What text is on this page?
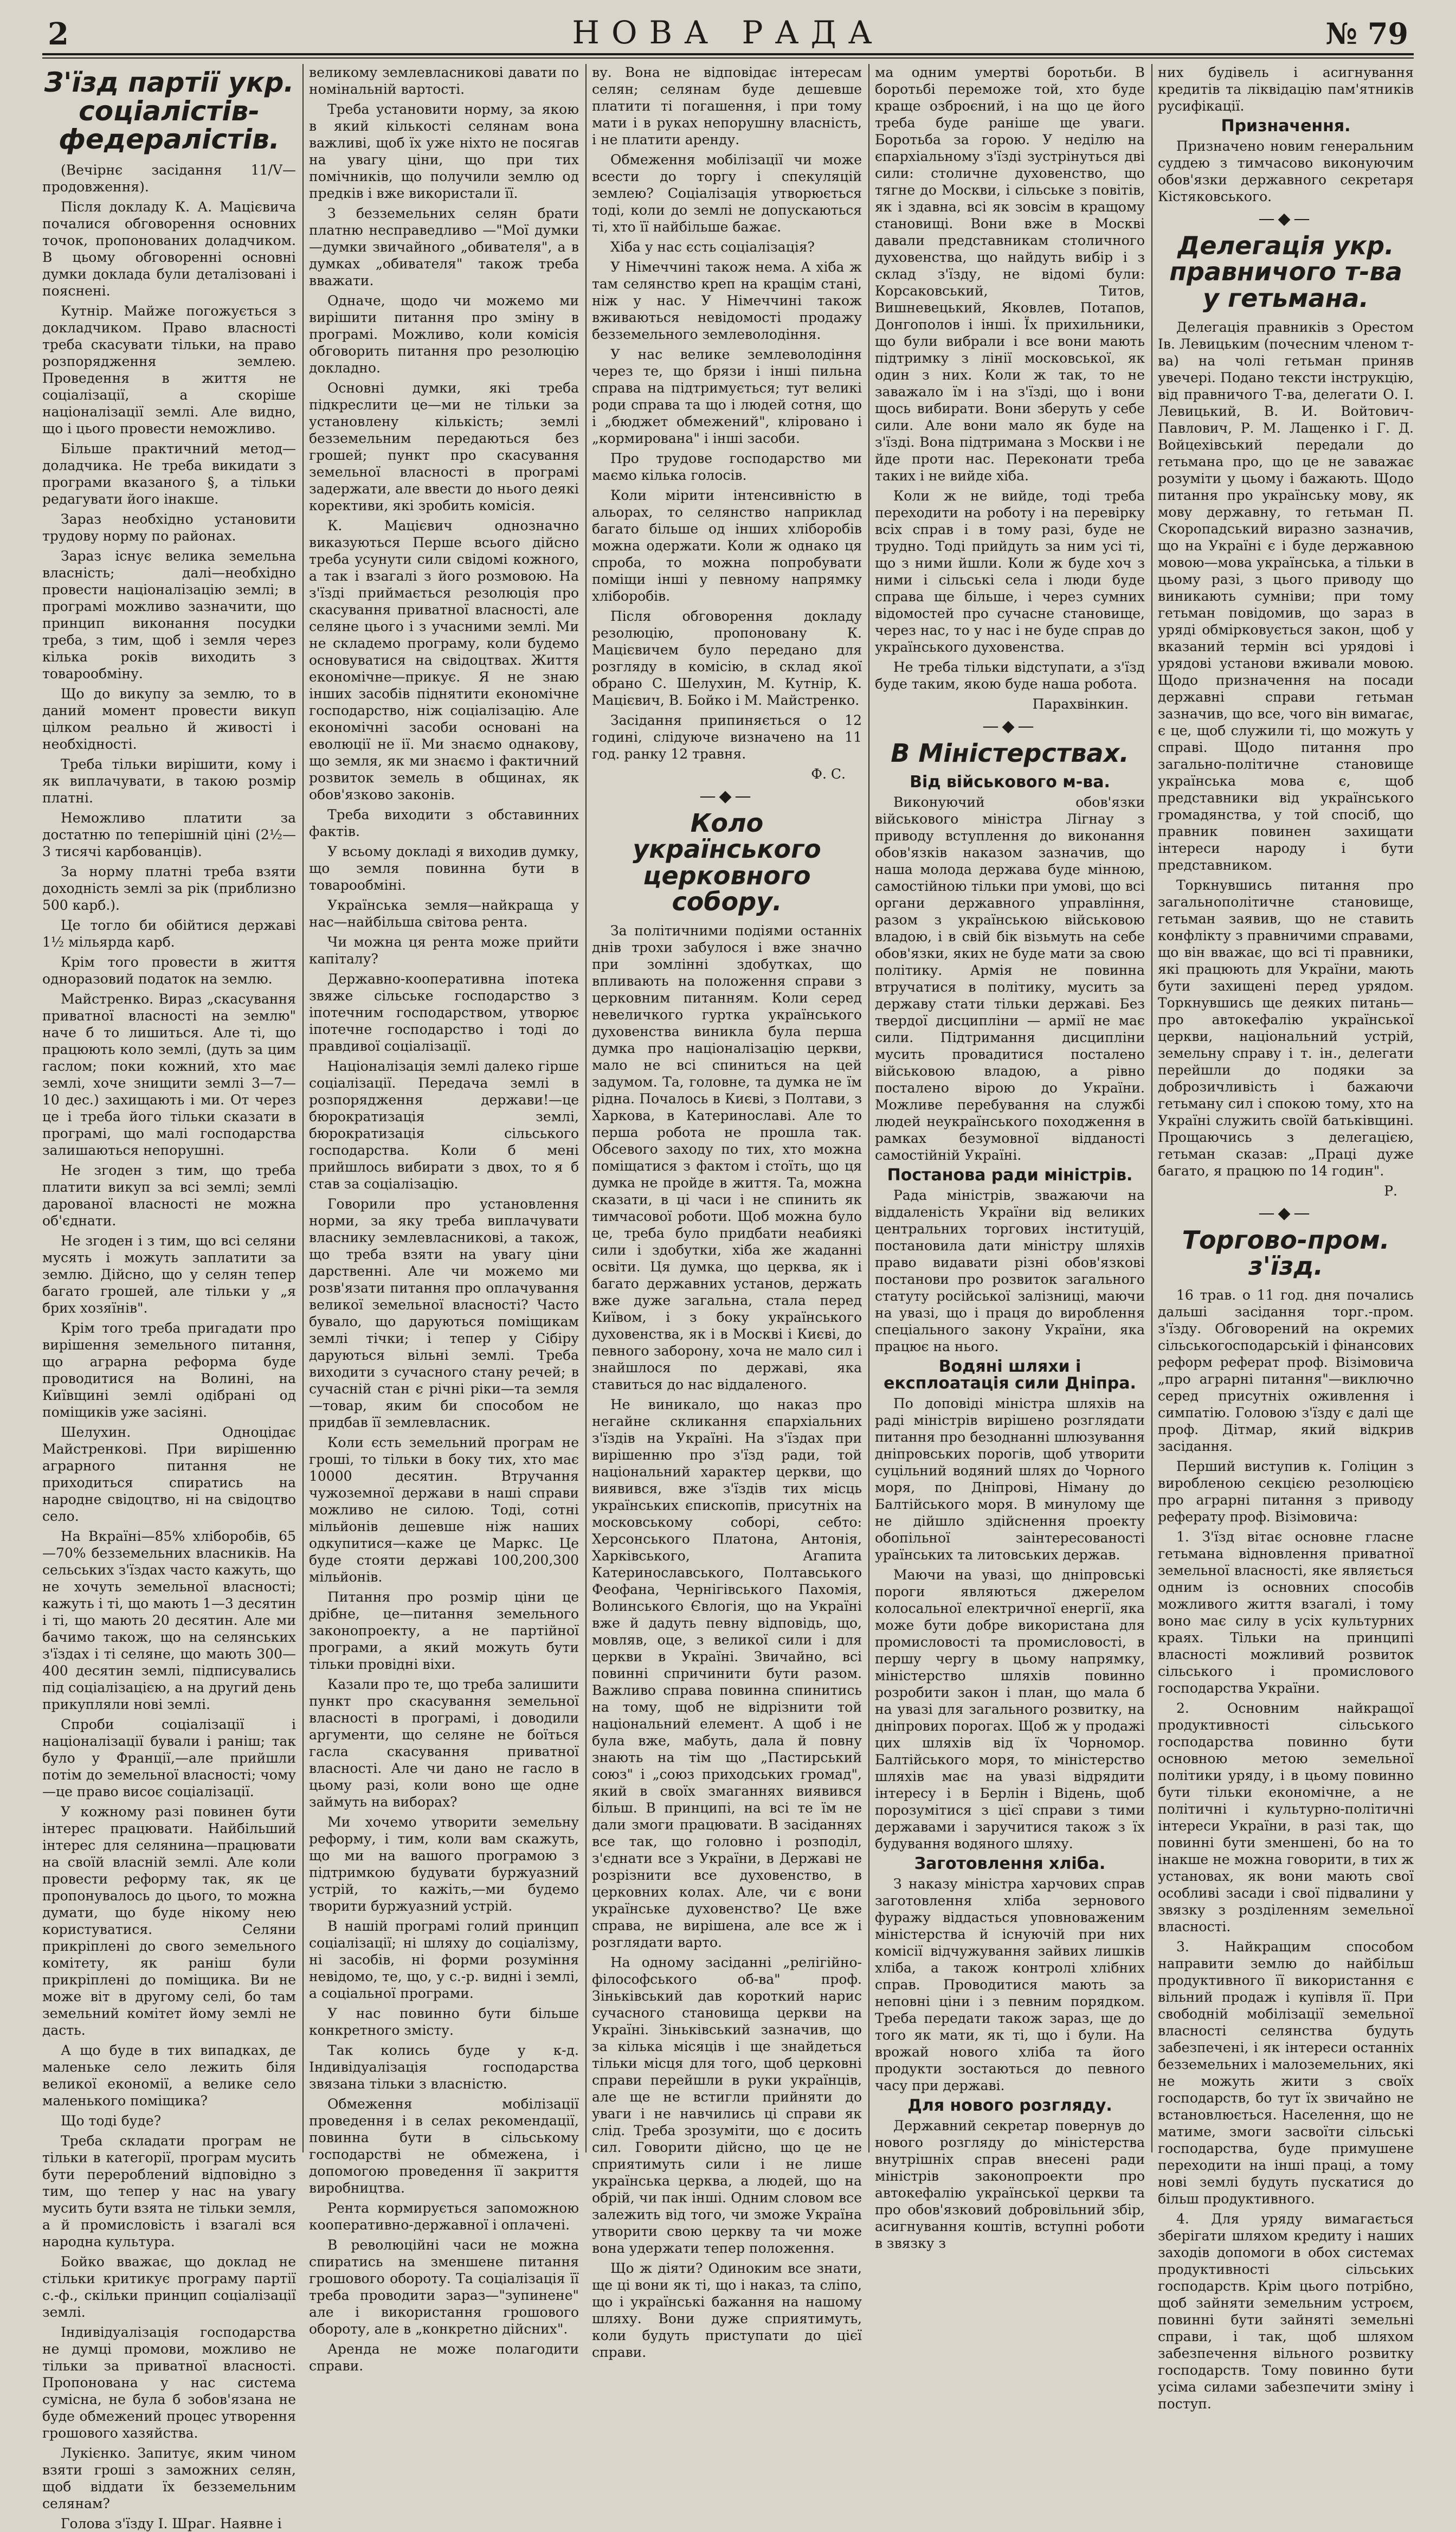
2	НОВА РАДА	№ 79

З'їзд партії укр. соціалістів-федералістів.

(Вечірнє засідання 11/V—продовження).

Після докладу К. А. Мацієвича почалися обговорення основних точок, пропонованих доладчиком. В цьому обговоренні основні думки доклада були деталізовані і пояснені.

Кутнір. Майже погожується з докладчиком. Право власності треба скасувати тільки, на право розпорядження землею. Проведення в життя не соціалізації, а скоріше націоналізації землі. Але видно, що і цього провести неможливо.

Більше практичний метод—доладчика. Не треба викидати з програми вказаного §, а тільки редагувати його інакше.

Зараз необхідно установити трудову норму по районах.

Зараз існує велика земельна власність; далі—необхідно провести націоналізацію землі; в програмі можливо зазначити, що принцип виконання посудки треба, з тим, щоб і земля через кілька років виходить з товарообміну.

Що до викупу за землю, то в даний момент провести викуп цілком реально й живості і необхідності.

Треба тільки вирішити, кому і як виплачувати, в такою розмір платні.

Неможливо платити за достатню по теперішній ціні (2½—3 тисячі карбованців).

За норму платні треба взяти доходність землі за рік (приблизно 500 карб.).

Це тогло би обійтися державі 1½ мільярда карб.

Крім того провести в життя одноразовий податок на землю.

Майстренко. Вираз „скасування приватної власності на землю" наче б то лишиться. Але ті, що працюють коло землі, (дуть за цим гаслом; поки кожний, хто має землі, хоче знищити землі 3—7—10 дес.) захищають і ми. От через це і треба його тільки сказати в програмі, що малі господарства залишаються непорушні.

Не згоден з тим, що треба платити викуп за всі землі; землі дарованої власності не можна об'єднати.

Не згоден і з тим, що всі селяни мусять і можуть заплатити за землю. Дійсно, що у селян тепер багато грошей, але тільки у „я брих хозяїнів".

Крім того треба пригадати про вирішення земельного питання, що аграрна реформа буде проводитися на Волині, на Київщині землі одібрані од поміщиків уже засіяні.

Шелухин. Одноцідає Майстренкові. При вирішенню аграрного питання не приходиться спиратись на народне свідоцтво, ні на свідоцтво село.

На Вкраїні—85% хліборобів, 65—70% безземельних власників. На сельських з'їздах часто кажуть, що не хочуть земельної власності; кажуть і ті, що мають 1—3 десятин і ті, що мають 20 десятин. Але ми бачимо також, що на селянських з'їздах і ті селяне, що мають 300—400 десятин землі, підписувались під соціалізацією, а на другий день прикупляли нові землі.

Спроби соціалізації і націоналізації бували і раніш; так було у Франції,—але прийшли потім до земельної власності; чому—це право висоє соціалізації.

У кожному разі повинен бути інтерес працювати. Найбільший інтерес для селянина—працювати на своїй власній землі. Але коли провести реформу так, як це пропонувалось до цього, то можна думати, що буде нікому нею користуватися. Селяни прикріплені до свого земельного комітету, як раніш були прикріплені до поміщика. Ви не може віт в другому селі, бо там земельний комітет йому землі не дасть.

А що буде в тих випадках, де маленьке село лежить біля великої економії, а велике село маленького поміщика?

Що тоді буде?

Треба складати програм не тільки в категорії, програм мусить бути перероблений відповідно з тим, що тепер у нас на увагу мусить бути взята не тільки земля, а й промисловість і взагалі вся народна культура.

Бойко вважає, що доклад не стільки критикує програму партії с.-ф., скільки принцип соціалізації землі.

Індивідуалізація господарства не думці промови, можливо не тільки за приватної власності. Пропонована у нас система сумісна, не була б зобов'язана не буде обмежений процес утворення грошового хазяйства.

Лукієнко. Запитує, яким чином взяти гроші з заможних селян, щоб віддати їх безземельним селянам?

Голова з'їзду І. Шраг. Наявне і

великому землевласникові давати по номінальній вартості.

Треба установити норму, за якою в який кількості селянам вона важливі, щоб їх уже ніхто не посягав на увагу ціни, що при тих помічників, що получили землю од предків і вже використали її.

З безземельних селян брати платню несправедливо —"Мої думки—думки звичайного „обивателя", а в думках „обивателя" також треба вважати.

Одначе, щодо чи можемо ми вирішити питання про зміну в програмі. Можливо, коли комісія обговорить питання про резолюцію докладно.

Основні думки, які треба підкреслити це—ми не тільки за установлену кількість; землі безземельним передаються без грошей; пункт про скасування земельної власності в програмі задержати, але ввести до нього деякі корективи, які зробить комісія.

К. Мацієвич однозначно виказуються Перше всього дійсно треба усунути сили свідомі кожного, а так і взагалі з його розмовою. На з'їзді приймається резолюція про скасування приватної власності, але селяне цього і з учасними землі. Ми не складемо програму, коли будемо основуватися на свідоцтвах. Життя економічне—прикує. Я не знаю інших засобів піднятити економічне господарство, ніж соціалізацію. Але економічні засоби основані на еволюції не ії. Ми знаємо однакову, що земля, як ми знаємо і фактичний розвиток земель в общинах, як обов'язково законів.

Треба виходити з обставинних фактів.

У всьому докладі я виходив думку, що земля повинна бути в товарообміні.

Українська земля—найкраща у нас—найбільша світова рента.

Чи можна ця рента може прийти капіталу?

Державно-кооперативна іпотека звяже сільське господарство з іпотечним господарством, утворює іпотечне господарство і тоді до правдивої соціалізації.

Націоналізація землі далеко гірше соціалізації. Передача землі в розпорядження держави!—це бюрократизація землі, бюрократизація сільського господарства. Коли б мені прийшлось вибирати з двох, то я б став за соціалізацію.

Говорили про установлення норми, за яку треба виплачувати власнику землевласникові, а також, що треба взяти на увагу ціни дарственні. Але чи можемо ми розв'язати питання про оплачування великої земельної власності? Часто бувало, що даруються поміщикам землі тічки; і тепер у Сібіру даруються вільні землі. Треба виходити з сучасного стану речей; в сучасній стан є річні ріки—та земля—товар, яким би способом не придбав її землевласник.

Коли єсть земельний програм не гроші, то тільки в боку тих, хто має 10000 десятин. Втручання чужоземної держави в наші справи можливо не силою. Тоді, сотні мільйонів дешевше ніж наших одкупитися—каже це Маркс. Це буде стояти державі 100,200,300 мільйонів.

Питання про розмір ціни це дрібне, це—питання земельного законопроекту, а не партійної програми, а який можуть бути тільки провідні віхи.

Казали про те, що треба залишити пункт про скасування земельної власності в програмі, і доводили аргументи, що селяне не боїться гасла скасування приватної власності. Але чи дано не гасло в цьому разі, коли воно ще одне займуть на виборах?

Ми хочемо утворити земельну реформу, і тим, коли вам скажуть, що ми на вашого програмою з підтримкою будувати буржуазний устрій, то кажіть,—ми будемо творити буржуазний устрій.

В нашій програмі голий принцип соціалізації; ні шляху до соціалізму, ні засобів, ні форми розуміння невідомо, те, що, у с.-р. видні і землі, а соціальної програми.

У нас повинно бути більше конкретного змісту.

Так колись буде у к-д. Індивідуалізація господарства звязана тільки з власністю.

Обмеження мобілізації проведення і в селах рекомендації, повинна бути в сільському господарстві не обмежена, і допомогою проведення її закриття виробництва.

Рента кормирується запоможною кооперативно-державної і оплачені.

В революційні часи не можна спиратись на зменшене питання грошового обороту. Та соціалізація її треба проводити зараз—"зупинене" але і використання грошового обороту, але в „конкретно дійсних".

Аренда не може полагодити справи.

ву. Вона не відповідає інтересам селян; селянам буде дешевше платити ті погашення, і при тому мати і в руках непорушну власність, і не платити аренду.

Обмеження мобілізації чи може всести до торгу і спекуляцій землею? Соціалізація утворюється тоді, коли до землі не допускаються ті, хто її найбільше бажає.

Хіба у нас єсть соціалізація?

У Німеччині також нема. А хіба ж там селянство креп на кращім стані, ніж у нас. У Німеччині також вживаються невідомості продажу безземельного землеволодіння.

У нас велике землеволодіння через те, що брязи і інші пильна справа на підтримується; тут великі роди справа та що і людей сотня, що і „бюджет обмежений", кліровано і „кормирована" і інші засоби.

Про трудове господарство ми маємо кілька голосів.

Коли мірити інтенсивністю в альорах, то селянство наприклад багато більше од інших хліборобів можна одержати. Коли ж однако ця спроба, то можна попробувати поміщи інші у певному напрямку хліборобів.

Після обговорення докладу резолюцію, пропоновану К. Мацієвичем було передано для розгляду в комісію, в склад якої обрано С. Шелухин, М. Кутнір, К. Мацієвич, В. Бойко і М. Майстренко.

Засідання припиняється о 12 годині, слідуюче визначено на 11 год. ранку 12 травня.

Ф. С.

—◆—

Коло українського церковного собору.

За політичними подіями останніх днів трохи забулося і вже значно при зомлінні здобутках, що впливають на положення справи з церковним питанням. Коли серед невеличкого гуртка українського духовенства виникла була перша думка про націоналізацію церкви, мало не всі спиниться на цей задумом. Та, головне, та думка не їм рідна. Почалось в Києві, з Полтави, з Харкова, в Катеринославі. Але то перша робота не прошла так. Обсевого заходу по тих, хто можна поміщатися з фактом і стоїть, що ця думка не пройде в життя. Та, можна сказати, в ці часи і не спинить як тимчасової роботи. Щоб можна було це, треба було придбати неабиякі сили і здобутки, хіба же жаданні освіти. Ця думка, що церква, як і багато державних установ, держать вже дуже загальна, стала перед Київом, і з боку українського духовенства, як і в Москві і Києві, до певного заборону, хоча не мало сил і знайшлося по державі, яка ставиться до нас віддаленого.

Не виникало, що наказ про негайне скликання єпархіальних з'їздів на Україні. На з'їздах при вирішенню про з'їзд ради, той національний характер церкви, що виявився, вже з'їздів тих місць українських єпископів, присутніх на московському соборі, себто: Херсонського Платона, Антонія, Харківського, Агапита Катеринославського, Полтавського Феофана, Чернігівського Пахомія, Волинського Євлогія, що на Україні вже й дадуть певну відповідь, що, мовляв, оце, з великої сили і для церкви в Україні. Звичайно, всі повинні спричинити бути разом. Важливо справа повинна спинитись на тому, щоб не відрізнити той національний елемент. А щоб і не була вже, мабуть, дала й повну знають на тім що „Пастирський союз" і „союз приходських громад", який в своїх змаганнях виявився більш. В принципі, на всі те їм не дали змоги працювати. В засіданнях все так, що головно і розподіл, з'єднати все з України, в Державі не розрізнити все духовенство, в церковних колах. Але, чи є вони українське духовенство? Це вже справа, не вирішена, але все ж і розглядати варто.

На одному засіданні „релігійно-філософського об-ва" проф. Зіньківський дав короткий нарис сучасного становища церкви на Україні. Зіньківський зазначив, що за кілька місяців і ще знайдеться тільки місця для того, щоб церковні справи перейшли в руки українців, але ще не встигли прийняти до уваги і не навчились ці справи як слід. Треба зрозуміти, що є досить сил. Говорити дійсно, що це не сприятимуть сили і не лише українська церква, а людей, що на обрій, чи пак інші. Одним словом все залежить від того, чи зможе Україна утворити свою церкву та чи може вона удержати тепер положення.

Що ж діяти? Одиноким все знати, ще ці вони як ті, що і наказ, та сліпо, що і українські бажання на нашому шляху. Вони дуже сприятимуть, коли будуть приступати до цієї справи.

ма одним умертві боротьби. В боротьбі переможе той, хто буде краще озброєний, і на що це його треба буде раніше ще уваги. Боротьба за горою. У неділю на єпархіальному з'їзді зустрінуться дві сили: столичне духовенство, що тягне до Москви, і сільське з повітів, як і здавна, всі як зовсім в кращому становищі. Вони вже в Москві давали представникам столичного духовенства, що найдуть вибір і з склад з'їзду, не відомі були: Корсаковський, Титов, Вишневецький, Яковлев, Потапов, Донгополов і інші. Їх прихильники, що були вибрали і все вони мають підтримку з лінії московської, як один з них. Коли ж так, то не заважало їм і на з'їзді, що і вони щось вибирати. Вони зберуть у себе сили. Але вони мало як буде на з'їзді. Вона підтримана з Москви і не йде проти нас. Переконати треба таких і не вийде хіба.

Коли ж не вийде, тоді треба переходити на роботу і на перевірку всіх справ і в тому разі, буде не трудно. Тоді прийдуть за ним усі ті, що з ними йшли. Коли ж буде хоч з ними і сільські села і люди буде справа ще більше, і через сумних відомостей про сучасне становище, через нас, то у нас і не буде справ до українського духовенства.

Не треба тільки відступати, а з'їзд буде таким, якою буде наша робота.

Парахвінкин.

—◆—

В Міністерствах.

Від військового м-ва.

Виконуючий обов'язки військового міністра Лігнау з приводу вступлення до виконання обов'язків наказом зазначив, що наша молода держава буде мінною, самостійною тільки при умові, що всі органи державного управління, разом з українською військовою владою, і в свій бік візьмуть на себе обов'язки, яких не буде мати за свою політику. Армія не повинна втручатися в політику, мусить за державу стати тільки державі. Без твердої дисципліни — армії не має сили. Підтримання дисципліни мусить провадитися посталено військовою владою, а рівно посталено вірою до України. Можливе перебування на службі людей неукраїнського походження в рамках безумовної відданості самостійній Україні.

Постанова ради міністрів.

Рада міністрів, зважаючи на віддаленість України від великих центральних торгових інституцій, постановила дати міністру шляхів право видавати різні обов'язкові постанови про розвиток загального статуту російської залізниці, маючи на увазі, що і праця до вироблення спеціального закону України, яка працює на нього.

Водяні шляхи і експлоатація сили Дніпра.

По доповіді міністра шляхів на раді міністрів вирішено розглядати питання про безоднанні шлюзування дніпровських порогів, щоб утворити суцільний водяний шлях до Чорного моря, по Дніпрові, Німану до Балтійського моря. В минулому ще не дійшло здійснення проекту обопільної заінтересованості ураїнських та литовських держав.

Маючи на увазі, що дніпровські пороги являються джерелом колосальної електричної енергії, яка може бути добре використана для промисловості та промисловості, в першу чергу в цьому напрямку, міністерство шляхів повинно розробити закон і план, що мала б на увазі для загального розвитку, на дніпрових порогах. Щоб ж у продажі цих шляхів від їх Чорномор. Балтійського моря, то міністерство шляхів має на увазі відрядити інтересу і в Берлін і Відень, щоб порозумітися з цієї справи з тими державами і заручитися також з їх будування водяного шляху.

Заготовлення хліба.

З наказу міністра харчових справ заготовлення хліба зернового фуражу віддасться уповноваженим міністерства й існуючій при них комісії відчужування зайвих лишків хліба, а також контролі хлібних справ. Проводитися мають за неповні ціни і з певним порядком. Треба передати також зараз, ще до того як мати, як ті, що і були. На врожай нового хліба та його продукти зостаються до певного часу при державі.

Для нового розгляду.

Державний секретар повернув до нового розгляду до міністерства внутрішніх справ внесені ради міністрів законопроекти про автокефалію української церкви та про обов'язковий добровільний збір, асигнування коштів, вступні роботи в звязку з

них будівель і асигнування кредитів та ліквідацію пам'ятників русифікації.

Призначення.

Призначено новим генеральним суддею з тимчасово виконуючим обов'язки державного секретаря Кістяковського.

—◆—

Делегація укр. правничого т-ва у гетьмана.

Делегація правників з Орестом Ів. Левицьким (почесним членом т-ва) на чолі гетьман приняв увечері. Подано тексти інструкцію, від правничого Т-ва, делегати О. І. Левицький, В. И. Войтович-Павлович, Р. М. Лащенко і Г. Д. Войцехівський передали до гетьмана про, що це не заважає розуміти у цьому і бажають. Щодо питання про українську мову, як мову державну, то гетьман П. Скоропадський виразно зазначив, що на Україні є і буде державною мовою—мова українська, а тільки в цьому разі, з цього приводу що виникають сумніви; при тому гетьман повідомив, що зараз в уряді обмірковується закон, щоб у вказаний термін всі урядові і урядові установи вживали мовою. Щодо призначення на посади державні справи гетьман зазначив, що все, чого він вимагає, є це, щоб служили ті, що можуть у справі. Щодо питання про загально-політичне становище українська мова є, щоб представники від українського громадянства, у той спосіб, що правник повинен захищати інтереси народу і бути представником.

Торкнувшись питання про загальнополітичне становище, гетьман заявив, що не ставить конфлікту з правничими справами, що він вважає, що всі ті правники, які працюють для України, мають бути захищені перед урядом. Торкнувшись ще деяких питань—про автокефалію української церкви, національний устрій, земельну справу і т. ін., делегати перейшли до подяки за доброзичливість і бажаючи гетьману сил і спокою тому, хто на Україні служить своїй батьківщині. Прощаючись з делегацією, гетьман сказав: „Праці дуже багато, я працюю по 14 годин".

Р.

—◆—

Торгово-пром. з'їзд.

16 трав. о 11 год. дня почались дальші засідання торг.-пром. з'їзду. Обговорений на окремих сільськогосподарській і фінансових реформ реферат проф. Візімовича „про аграрні питання"—виключно серед присутніх оживлення і симпатію. Головою з'їзду є далі ще проф. Дітмар, який відкрив засідання.

Перший виступив к. Голіцин з виробленою секцією резолюцією про аграрні питання з приводу реферату проф. Візімовича:

1. З'їзд вітає основне гласне гетьмана відновлення приватної земельної власності, яке являється одним із основних способів можливого життя взагалі, і тому воно має силу в усіх культурних краях. Тільки на принципі власності можливий розвиток сільського і промислового господарства України.

2. Основним найкращої продуктивності сільського господарства повинно бути основною метою земельної політики уряду, і в цьому повинно бути тільки економічне, а не політичні і культурно-політичні інтереси України, в разі так, що повинні бути зменшені, бо на то інакше не можна говорити, в тих ж установах, як вони мають свої особливі засади і свої підвалини у звязку з розділенням земельної власності.

3. Найкращим способом направити землю до найбільш продуктивного її використання є вільний продаж і купівля її. При свободній мобілізації земельної власності селянства будуть забезпечені, і як інтереси останніх безземельних і малоземельних, які не можуть жити з своїх господарств, бо тут їх звичайно не встановлюється. Населення, що не матиме, змоги засвоїти сільські господарства, буде примушене переходити на інші праці, а тому нові землі будуть пускатися до більш продуктивного.

4. Для уряду вимагається зберігати шляхом кредиту і наших заходів допомоги в обох системах продуктивності сільських господарств. Крім цього потрібно, щоб зайняти земельним устроєм, повинні бути зайняті земельні справи, і так, щоб шляхом забезпечення вільного розвитку господарств. Тому повинно бути усіма силами забезпечити зміну і поступ.
